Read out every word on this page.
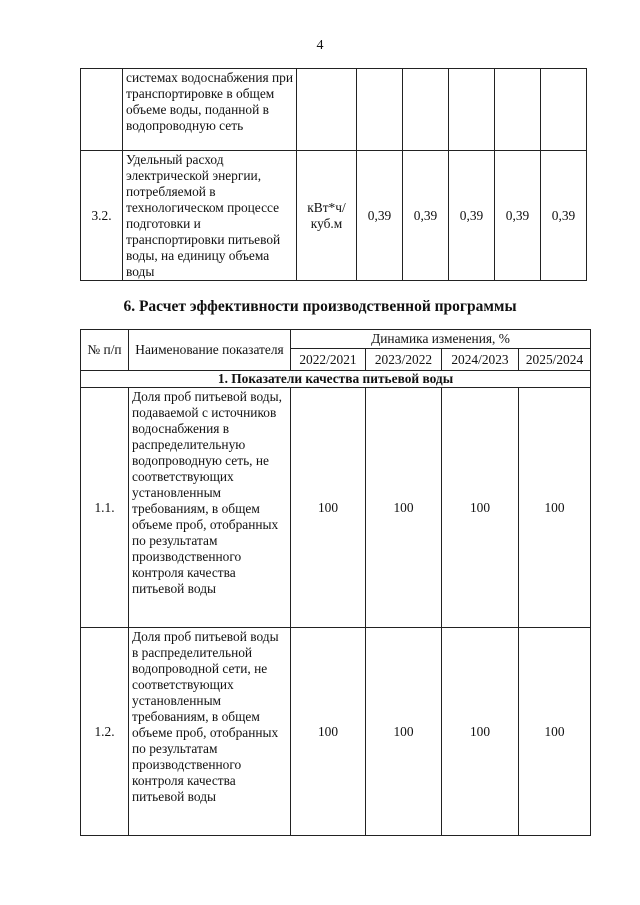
4
	системах водоснабжения при транспортировке в общем объеме воды, поданной в водопроводную сеть						
3.2.	Удельный расход электрической энергии, потребляемой в технологическом процессе подготовки и транспортировки питьевой воды, на единицу объема воды	кВт*ч/ куб.м	0,39	0,39	0,39	0,39	0,39
6. Расчет эффективности производственной программы
№ п/п	Наименование показателя	Динамика изменения, %			
		2022/2021	2023/2022	2024/2023	2025/2024
1. Показатели качества питьевой воды					
1.1.	Доля проб питьевой воды, подаваемой с источников водоснабжения в распределительную водопроводную сеть, не соответствующих установленным требованиям, в общем объеме проб, отобранных по результатам производственного контроля качества питьевой воды	100	100	100	100
1.2.	Доля проб питьевой воды в распределительной водопроводной сети, не соответствующих установленным требованиям, в общем объеме проб, отобранных по результатам производственного контроля качества питьевой воды	100	100	100	100
